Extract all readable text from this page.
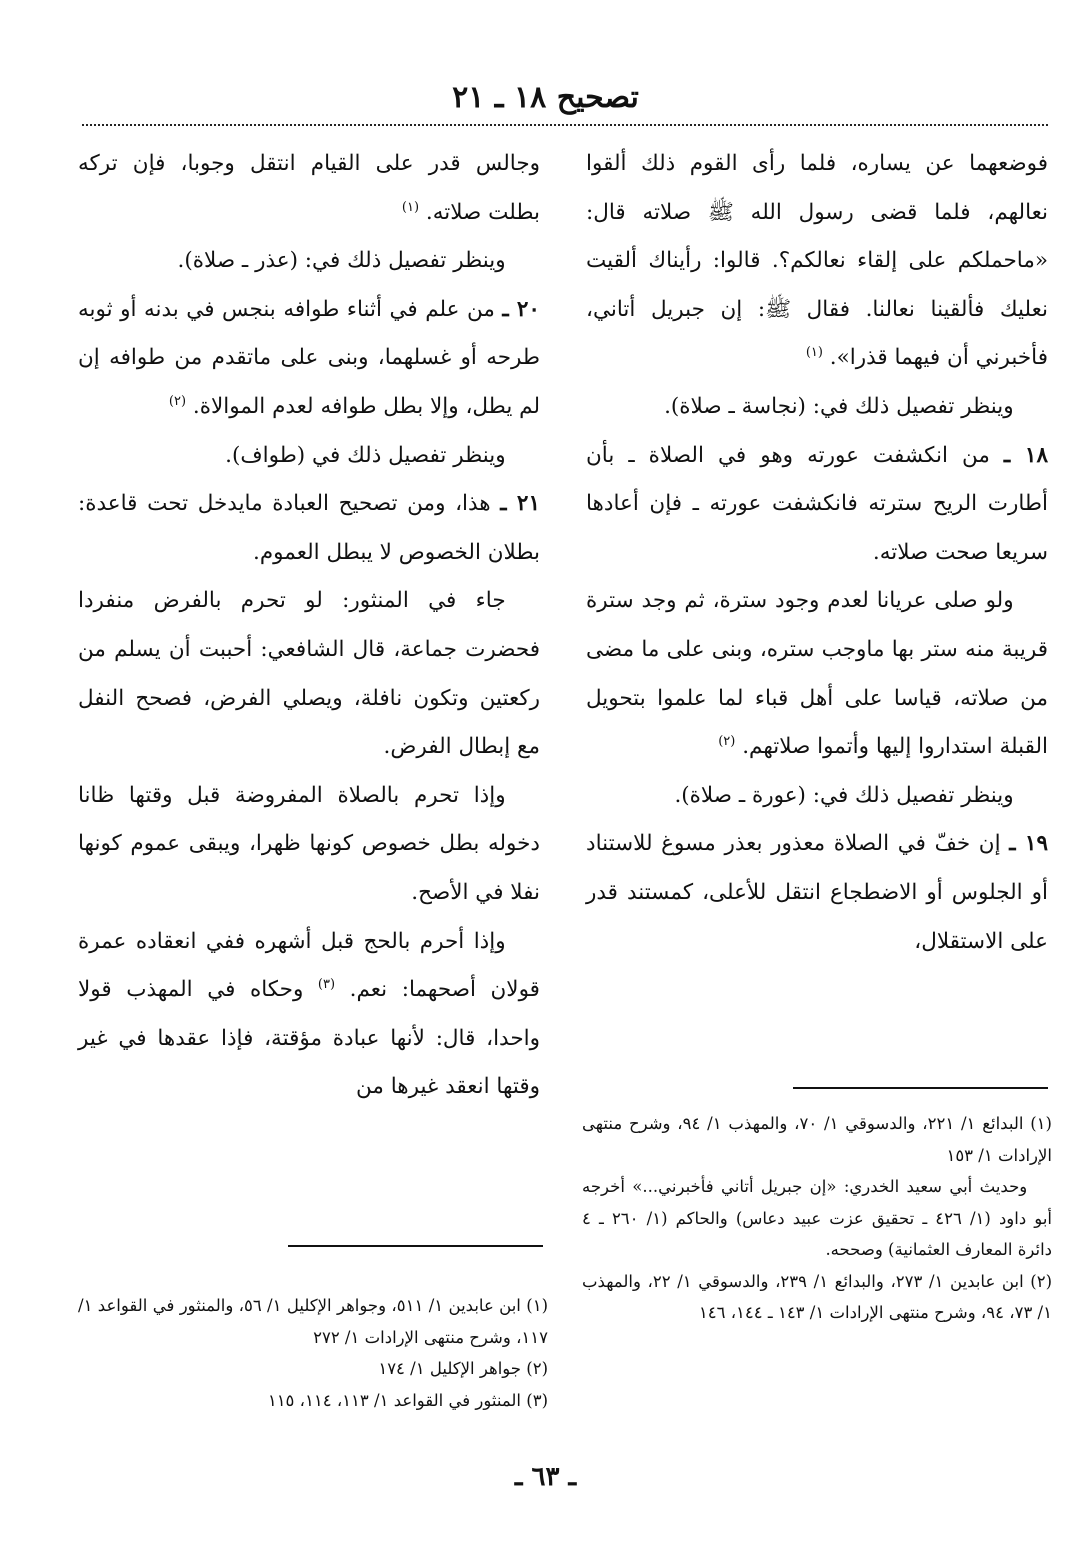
تصحيح ١٨ ـ ٢١

فوضعهما عن يساره، فلما رأى القوم ذلك ألقوا نعالهم، فلما قضى رسول الله ﷺ صلاته قال: «ماحملكم على إلقاء نعالكم؟. قالوا: رأيناك ألقيت نعليك فألقينا نعالنا. فقال ﷺ: إن جبريل أتاني، فأخبرني أن فيهما قذرا». $^{(١)}$

وينظر تفصيل ذلك في: (نجاسة ـ صلاة).

١٨ ـ من انكشفت عورته وهو في الصلاة ـ بأن أطارت الريح سترته فانكشفت عورته ـ فإن أعادها سريعا صحت صلاته.

ولو صلى عريانا لعدم وجود سترة، ثم وجد سترة قريبة منه ستر بها ماوجب ستره، وبنى على ما مضى من صلاته، قياسا على أهل قباء لما علموا بتحويل القبلة استداروا إليها وأتموا صلاتهم. $^{(٢)}$

وينظر تفصيل ذلك في: (عورة ـ صلاة).

١٩ ـ إن خفّ في الصلاة معذور بعذر مسوغ للاستناد أو الجلوس أو الاضطجاع انتقل للأعلى، كمستند قدر على الاستقلال،

وجالس قدر على القيام انتقل وجوبا، فإن تركه بطلت صلاته. $^{(١)}$

وينظر تفصيل ذلك في: (عذر ـ صلاة).

٢٠ ـ من علم في أثناء طوافه بنجس في بدنه أو ثوبه طرحه أو غسلهما، وبنى على ماتقدم من طوافه إن لم يطل، وإلا بطل طوافه لعدم الموالاة. $^{(٢)}$

وينظر تفصيل ذلك في (طواف).

٢١ ـ هذا، ومن تصحيح العبادة مايدخل تحت قاعدة: بطلان الخصوص لا يبطل العموم.

جاء في المنثور: لو تحرم بالفرض منفردا فحضرت جماعة، قال الشافعي: أحببت أن يسلم من ركعتين وتكون نافلة، ويصلي الفرض، فصحح النفل مع إبطال الفرض.

وإذا تحرم بالصلاة المفروضة قبل وقتها ظانا دخوله بطل خصوص كونها ظهرا، ويبقى عموم كونها نفلا في الأصح.

وإذا أحرم بالحج قبل أشهره ففي انعقاده عمرة قولان أصحهما: نعم. $^{(٣)}$ وحكاه في المهذب قولا واحدا، قال: لأنها عبادة مؤقتة، فإذا عقدها في غير وقتها انعقد غيرها من

(١) البدائع ١/ ٢٢١، والدسوقي ١/ ٧٠، والمهذب ١/ ٩٤، وشرح منتهى الإرادات ١/ ١٥٣

وحديث أبي سعيد الخدري: «إن جبريل أتاني فأخبرني...» أخرجه أبو داود (١/ ٤٢٦ ـ تحقيق عزت عبيد دعاس) والحاكم (١/ ٢٦٠ ـ ٤ دائرة المعارف العثمانية) وصححه.

(٢) ابن عابدين ١/ ٢٧٣، والبدائع ١/ ٢٣٩، والدسوقي ١/ ٢٢، والمهذب ١/ ٧٣، ٩٤، وشرح منتهى الإرادات ١/ ١٤٣ ـ ١٤٤، ١٤٦

(١) ابن عابدين ١/ ٥١١، وجواهر الإكليل ١/ ٥٦، والمنثور في القواعد ١/ ١١٧، وشرح منتهى الإرادات ١/ ٢٧٢

(٢) جواهر الإكليل ١/ ١٧٤

(٣) المنثور في القواعد ١/ ١١٣، ١١٤، ١١٥

ـ ٦٣ ـ
